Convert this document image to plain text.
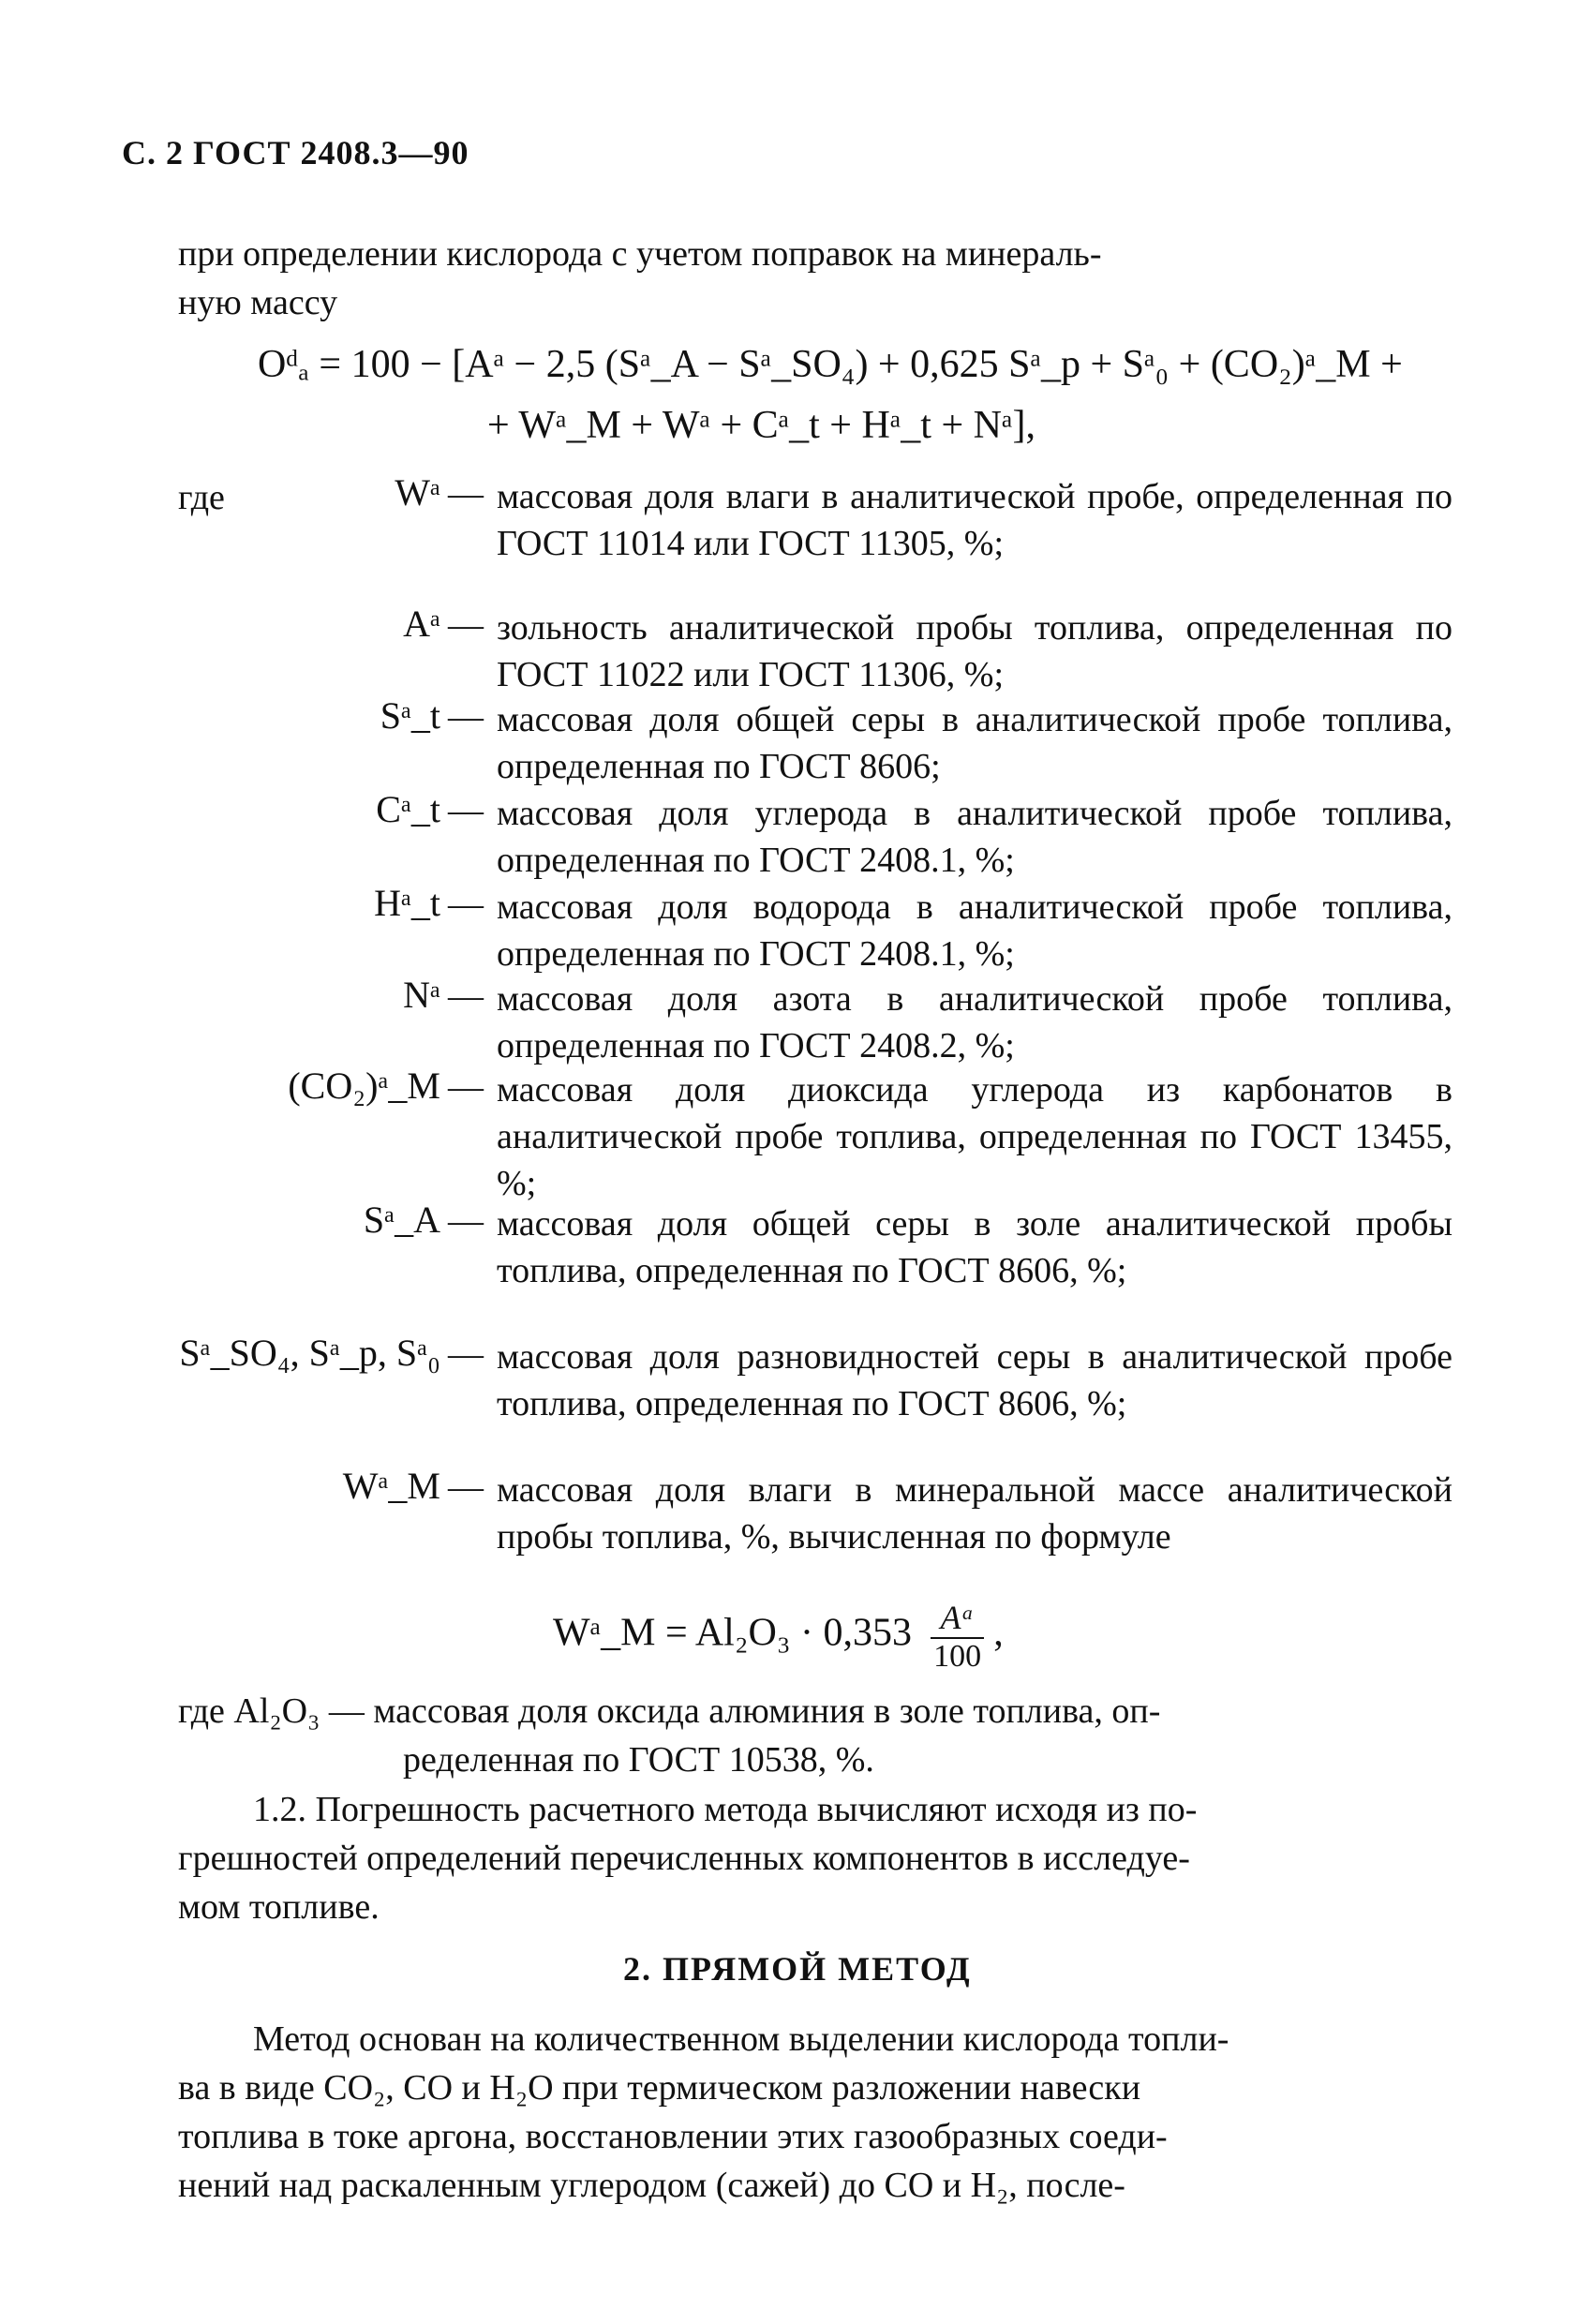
С. 2 ГОСТ 2408.3—90
при определении кислорода с учетом поправок на минераль-
ную массу
Oᵈₐ = 100 − [Aᵃ − 2,5 (Sᵃ_A − Sᵃ_SO₄) + 0,625 Sᵃ_p + Sᵃ₀ + (CO₂)ᵃ_M +
+ Wᵃ_M + Wᵃ + Cᵃ_t + Hᵃ_t + Nᵃ],
где	Wᵃ — массовая доля влаги в аналитической пробе, определенная по ГОСТ 11014 или ГОСТ 11305, %;
Aᵃ — зольность аналитической пробы топлива, определенная по ГОСТ 11022 или ГОСТ 11306, %;
Sᵃ_t — массовая доля общей серы в аналитической пробе топлива, определенная по ГОСТ 8606;
Cᵃ_t — массовая доля углерода в аналитической пробе топлива, определенная по ГОСТ 2408.1, %;
Hᵃ_t — массовая доля водорода в аналитической пробе топлива, определенная по ГОСТ 2408.1, %;
Nᵃ — массовая доля азота в аналитической пробе топлива, определенная по ГОСТ 2408.2, %;
(CO₂)ᵃ_M — массовая доля диоксида углерода из карбонатов в аналитической пробе топлива, определенная по ГОСТ 13455, %;
Sᵃ_A — массовая доля общей серы в золе аналитической пробы топлива, определенная по ГОСТ 8606, %;
Sᵃ_SO₄, Sᵃ_p, Sᵃ₀ — массовая доля разновидностей серы в аналитической пробе топлива, определенная по ГОСТ 8606, %;
Wᵃ_M — массовая доля влаги в минеральной массе аналитической пробы топлива, %, вычисленная по формуле
Wᵃ_M = $Al_2O_3 \cdot 0,353 \frac{\text{Aᵃ}}{100}$ ,
где Al₂O₃ — массовая доля оксида алюминия в золе топлива, оп-
ределенная по ГОСТ 10538, %.
1.2. Погрешность расчетного метода вычисляют исходя из по-
грешностей определений перечисленных компонентов в исследуе-
мом топливе.
2. ПРЯМОЙ МЕТОД
Метод основан на количественном выделении кислорода топли-
ва в виде CO₂, CO и H₂O при термическом разложении навески
топлива в токе аргона, восстановлении этих газообразных соеди-
нений над раскаленным углеродом (сажей) до CO и H₂, после-
